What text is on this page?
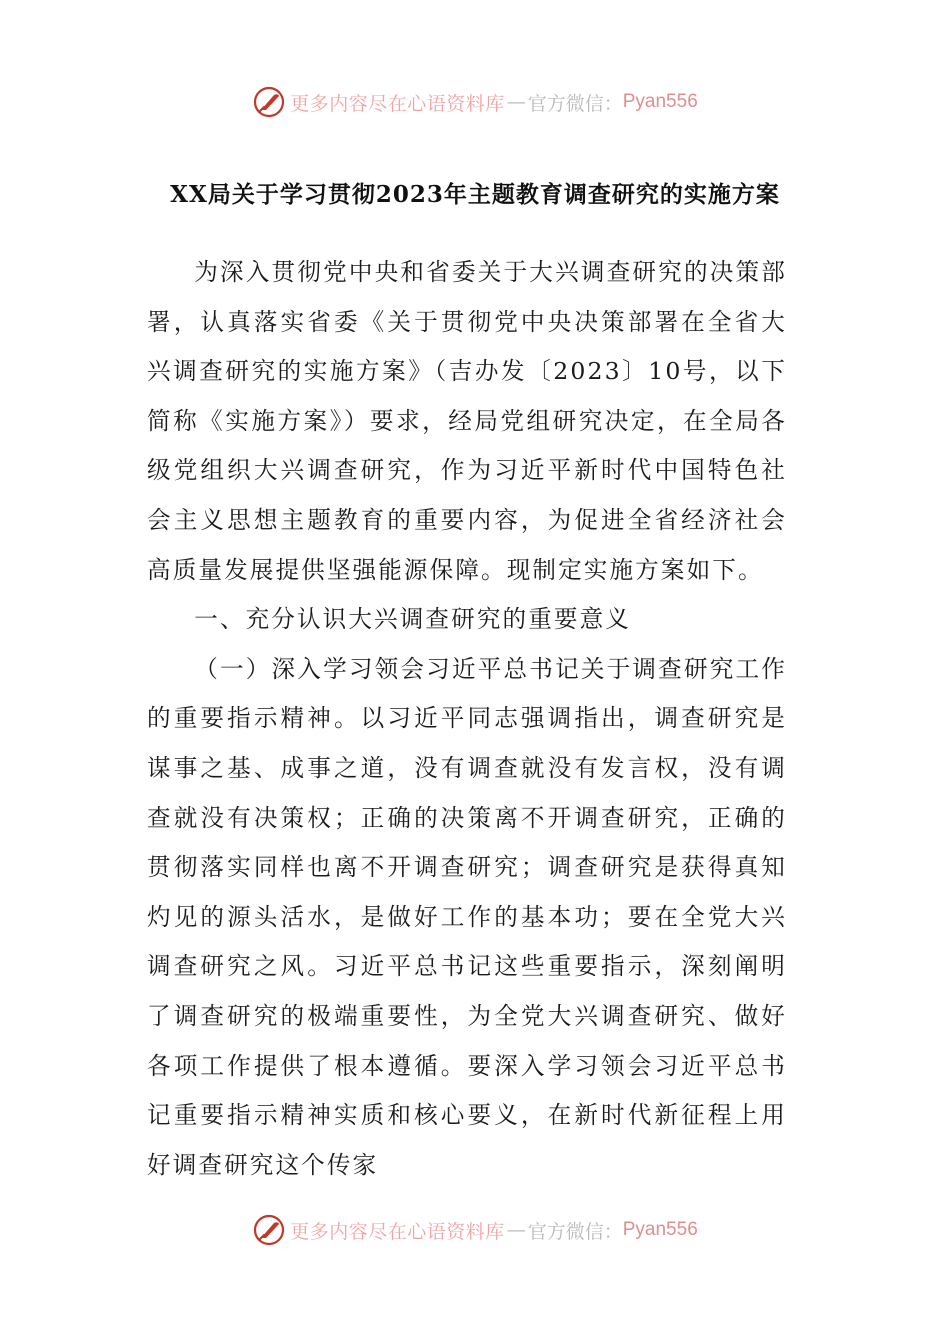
更多内容尽在心语资料库 — 官方微信： Pyan556
XX局关于学习贯彻2023年主题教育调查研究的实施方案

为深入贯彻党中央和省委关于大兴调查研究的决策部署，认真落实省委《关于贯彻党中央决策部署在全省大兴调查研究的实施方案》（吉办发〔2023〕10号，以下简称《实施方案》）要求，经局党组研究决定，在全局各级党组织大兴调查研究，作为习近平新时代中国特色社会主义思想主题教育的重要内容，为促进全省经济社会高质量发展提供坚强能源保障。现制定实施方案如下。

一、充分认识大兴调查研究的重要意义

（一）深入学习领会习近平总书记关于调查研究工作的重要指示精神。以习近平同志强调指出，调查研究是谋事之基、成事之道，没有调查就没有发言权，没有调查就没有决策权；正确的决策离不开调查研究，正确的贯彻落实同样也离不开调查研究；调查研究是获得真知灼见的源头活水，是做好工作的基本功；要在全党大兴调查研究之风。习近平总书记这些重要指示，深刻阐明了调查研究的极端重要性，为全党大兴调查研究、做好各项工作提供了根本遵循。要深入学习领会习近平总书记重要指示精神实质和核心要义，在新时代新征程上用好调查研究这个传家

更多内容尽在心语资料库 — 官方微信： Pyan556
